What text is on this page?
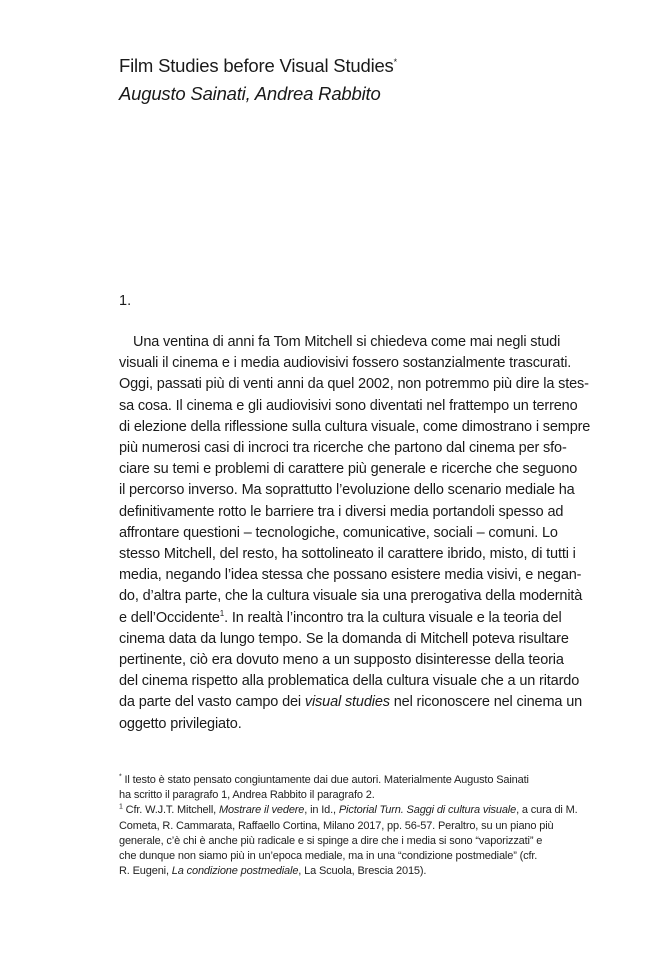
Film Studies before Visual Studies*

Augusto Sainati, Andrea Rabbito

1.

Una ventina di anni fa Tom Mitchell si chiedeva come mai negli studi
visuali il cinema e i media audiovisivi fossero sostanzialmente trascurati.
Oggi, passati più di venti anni da quel 2002, non potremmo più dire la stes-
sa cosa. Il cinema e gli audiovisivi sono diventati nel frattempo un terreno
di elezione della riflessione sulla cultura visuale, come dimostrano i sempre
più numerosi casi di incroci tra ricerche che partono dal cinema per sfo-
ciare su temi e problemi di carattere più generale e ricerche che seguono
il percorso inverso. Ma soprattutto l’evoluzione dello scenario mediale ha
definitivamente rotto le barriere tra i diversi media portandoli spesso ad
affrontare questioni – tecnologiche, comunicative, sociali – comuni. Lo
stesso Mitchell, del resto, ha sottolineato il carattere ibrido, misto, di tutti i
media, negando l’idea stessa che possano esistere media visivi, e negan-
do, d’altra parte, che la cultura visuale sia una prerogativa della modernità
e dell’Occidente$^1$. In realtà l’incontro tra la cultura visuale e la teoria del
cinema data da lungo tempo. Se la domanda di Mitchell poteva risultare
pertinente, ciò era dovuto meno a un supposto disinteresse della teoria
del cinema rispetto alla problematica della cultura visuale che a un ritardo
da parte del vasto campo dei visual studies nel riconoscere nel cinema un
oggetto privilegiato.

* Il testo è stato pensato congiuntamente dai due autori. Materialmente Augusto Sainati
ha scritto il paragrafo 1, Andrea Rabbito il paragrafo 2.
$^1$ Cfr. W.J.T. Mitchell, Mostrare il vedere, in Id., Pictorial Turn. Saggi di cultura visuale, a cura di M.
Cometa, R. Cammarata, Raffaello Cortina, Milano 2017, pp. 56-57. Peraltro, su un piano più
generale, c’è chi è anche più radicale e si spinge a dire che i media si sono “vaporizzati” e
che dunque non siamo più in un’epoca mediale, ma in una “condizione postmediale” (cfr.
R. Eugeni, La condizione postmediale, La Scuola, Brescia 2015).
